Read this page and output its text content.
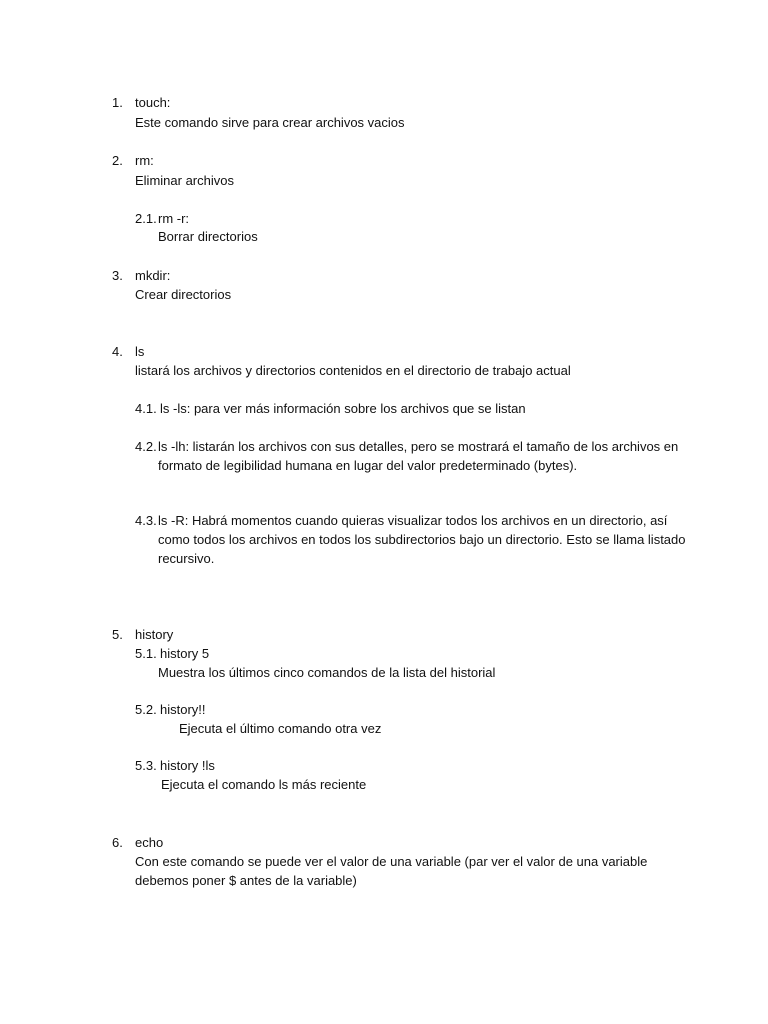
1. touch:
Este comando sirve para crear archivos vacios
2. rm:
Eliminar archivos
2.1. rm -r:
Borrar directorios
3. mkdir:
Crear directorios
4. ls
listará los archivos y directorios contenidos en el directorio de trabajo actual
4.1. ls -ls: para ver más información sobre los archivos que se listan
4.2. ls -lh: listarán los archivos con sus detalles, pero se mostrará el tamaño de los archivos en
formato de legibilidad humana en lugar del valor predeterminado (bytes).
4.3. ls -R: Habrá momentos cuando quieras visualizar todos los archivos en un directorio, así
como todos los archivos en todos los subdirectorios bajo un directorio. Esto se llama listado
recursivo.
5. history
5.1. history 5
Muestra los últimos cinco comandos de la lista del historial
5.2. history!!
Ejecuta el último comando otra vez
5.3. history !ls
Ejecuta el comando ls más reciente
6. echo
Con este comando se puede ver el valor de una variable (par ver el valor de una variable
debemos poner $ antes de la variable)
